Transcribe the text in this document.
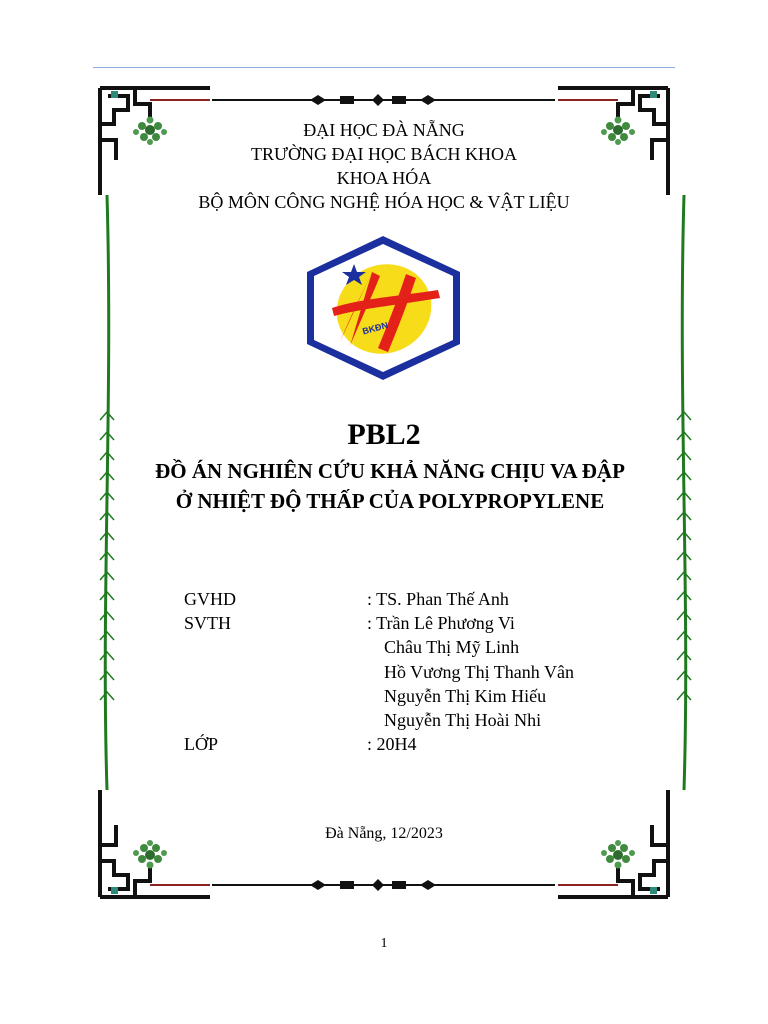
ĐẠI HỌC ĐÀ NẴNG
TRƯỜNG ĐẠI HỌC BÁCH KHOA
KHOA HÓA
BỘ MÔN CÔNG NGHỆ HÓA HỌC & VẬT LIỆU
BKĐN
PBL2
ĐỒ ÁN NGHIÊN CỨU KHẢ NĂNG CHỊU VA ĐẬP
Ở NHIỆT ĐỘ THẤP CỦA POLYPROPYLENE
GVHD	: TS. Phan Thế Anh
SVTH	: Trần Lê Phương Vi
Châu Thị Mỹ Linh
Hồ Vương Thị Thanh Vân
Nguyễn Thị Kim Hiếu
Nguyễn Thị Hoài Nhi
LỚP	: 20H4
Đà Nẵng, 12/2023
1
